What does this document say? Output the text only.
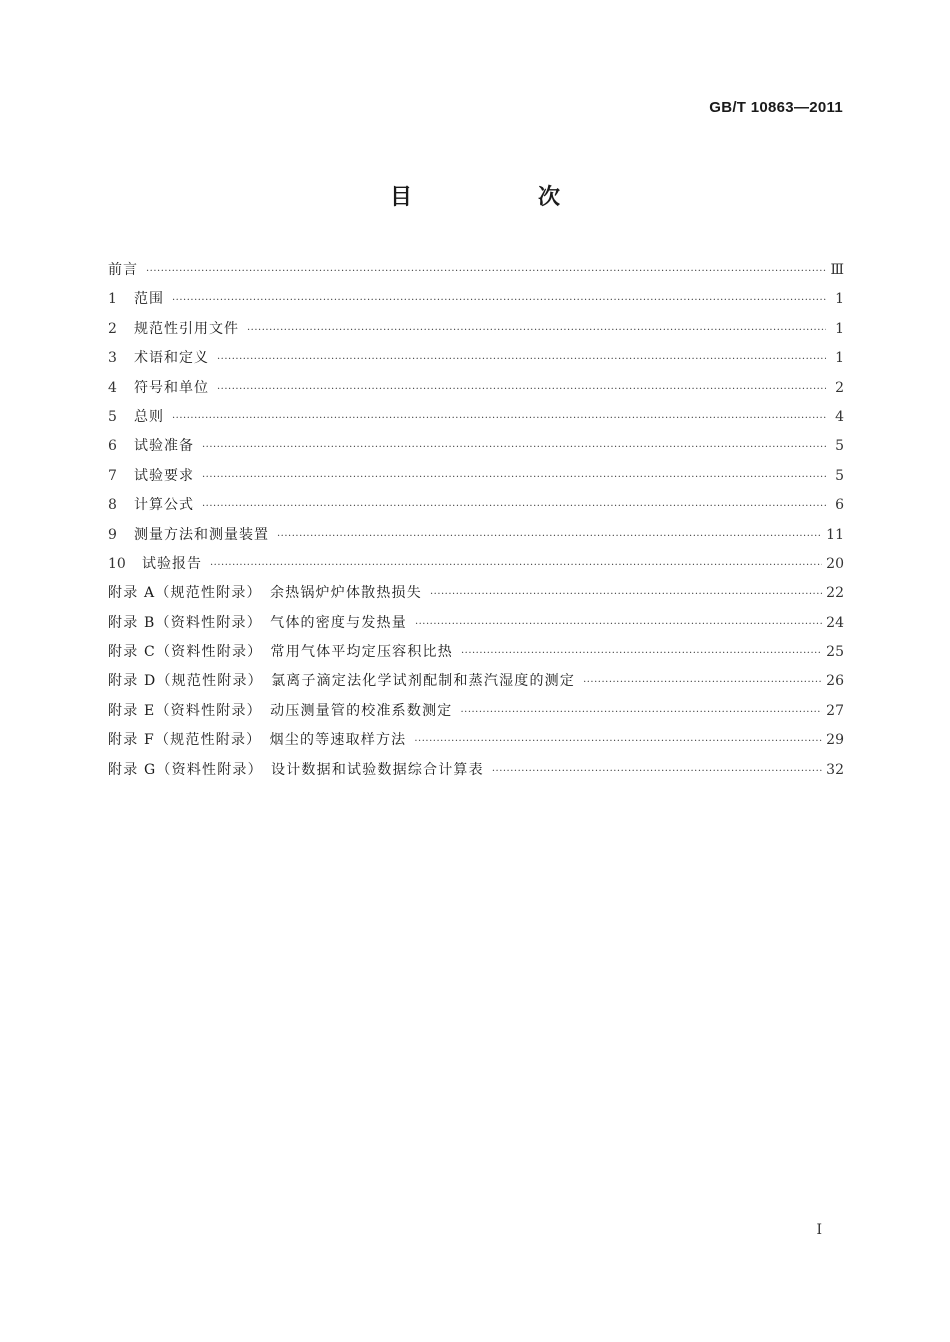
GB/T 10863—2011
目　次
前言 ·····	Ⅲ
1	范围 ·····	1
2	规范性引用文件 ·····	1
3	术语和定义 ·····	1
4	符号和单位 ·····	2
5	总则 ·····	4
6	试验准备 ·····	5
7	试验要求 ·····	5
8	计算公式 ·····	6
9	测量方法和测量装置 ·····	11
10	试验报告 ·····	20
附录 A（规范性附录）　余热锅炉炉体散热损失 ·····	22
附录 B（资料性附录）　气体的密度与发热量 ·····	24
附录 C（资料性附录）　常用气体平均定压容积比热 ·····	25
附录 D（规范性附录）　氯离子滴定法化学试剂配制和蒸汽湿度的测定 ·····	26
附录 E（资料性附录）　动压测量管的校准系数测定 ·····	27
附录 F（规范性附录）　烟尘的等速取样方法 ·····	29
附录 G（资料性附录）　设计数据和试验数据综合计算表 ·····	32
I
